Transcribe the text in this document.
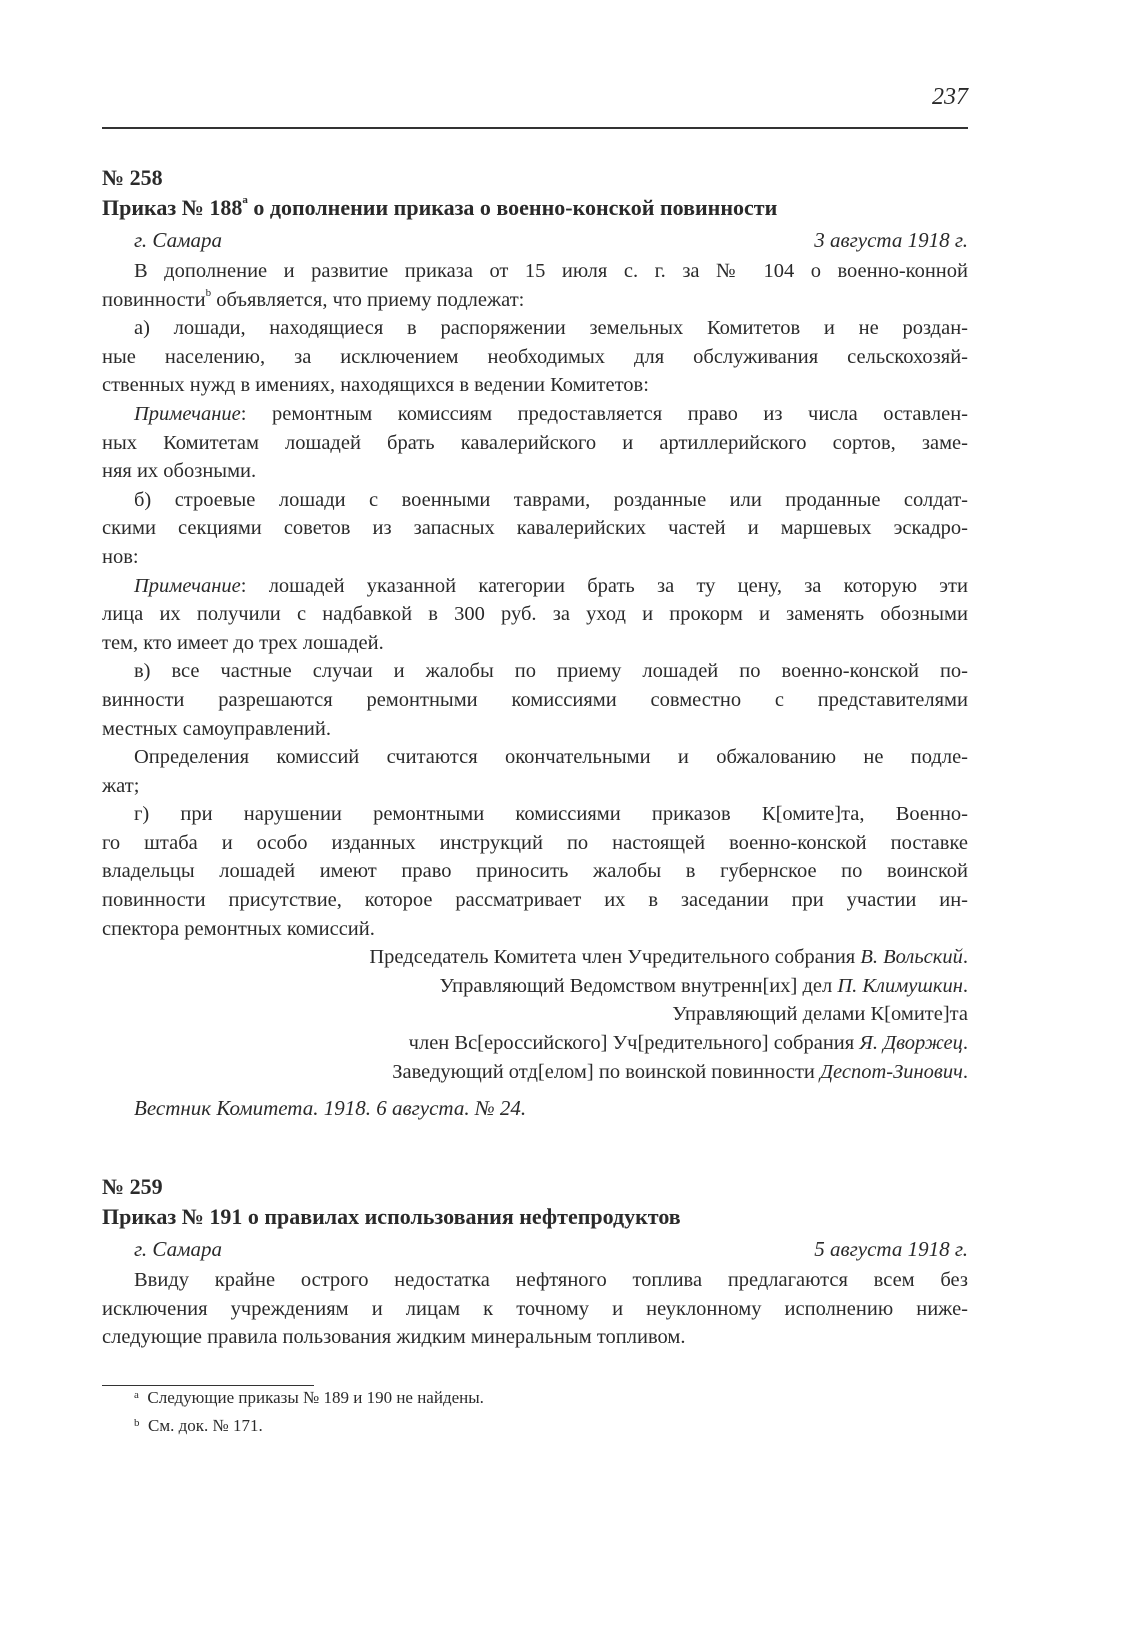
237
№ 258
Приказ № 188$^a$ о дополнении приказа о военно-конской повинности
г. Самара	3 августа 1918 г.
В дополнение и развитие приказа от 15 июля с. г. за № 104 о военно-конной
повинности$^b$ объявляется, что приему подлежат:
а) лошади, находящиеся в распоряжении земельных Комитетов и не роздан-
ные населению, за исключением необходимых для обслуживания сельскохозяй-
ственных нужд в имениях, находящихся в ведении Комитетов:
Примечание: ремонтным комиссиям предоставляется право из числа оставлен-
ных Комитетам лошадей брать кавалерийского и артиллерийского сортов, заме-
няя их обозными.
б) строевые лошади с военными таврами, розданные или проданные солдат-
скими секциями советов из запасных кавалерийских частей и маршевых эскадро-
нов:
Примечание: лошадей указанной категории брать за ту цену, за которую эти
лица их получили с надбавкой в 300 руб. за уход и прокорм и заменять обозными
тем, кто имеет до трех лошадей.
в) все частные случаи и жалобы по приему лошадей по военно-конской по-
винности разрешаются ремонтными комиссиями совместно с представителями
местных самоуправлений.
Определения комиссий считаются окончательными и обжалованию не подле-
жат;
г) при нарушении ремонтными комиссиями приказов К[омите]та, Военно-
го штаба и особо изданных инструкций по настоящей военно-конской поставке
владельцы лошадей имеют право приносить жалобы в губернское по воинской
повинности присутствие, которое рассматривает их в заседании при участии ин-
спектора ремонтных комиссий.
Председатель Комитета член Учредительного собрания В. Вольский.
Управляющий Ведомством внутренн[их] дел П. Климушкин.
Управляющий делами К[омите]та
член Вс[ероссийского] Уч[редительного] собрания Я. Дворжец.
Заведующий отд[елом] по воинской повинности Деспот-Зинович.
Вестник Комитета. 1918. 6 августа. № 24.
№ 259
Приказ № 191 о правилах использования нефтепродуктов
г. Самара	5 августа 1918 г.
Ввиду крайне острого недостатка нефтяного топлива предлагаются всем без
исключения учреждениям и лицам к точному и неуклонному исполнению ниже-
следующие правила пользования жидким минеральным топливом.
$^a$ Следующие приказы № 189 и 190 не найдены.
$^b$ См. док. № 171.
